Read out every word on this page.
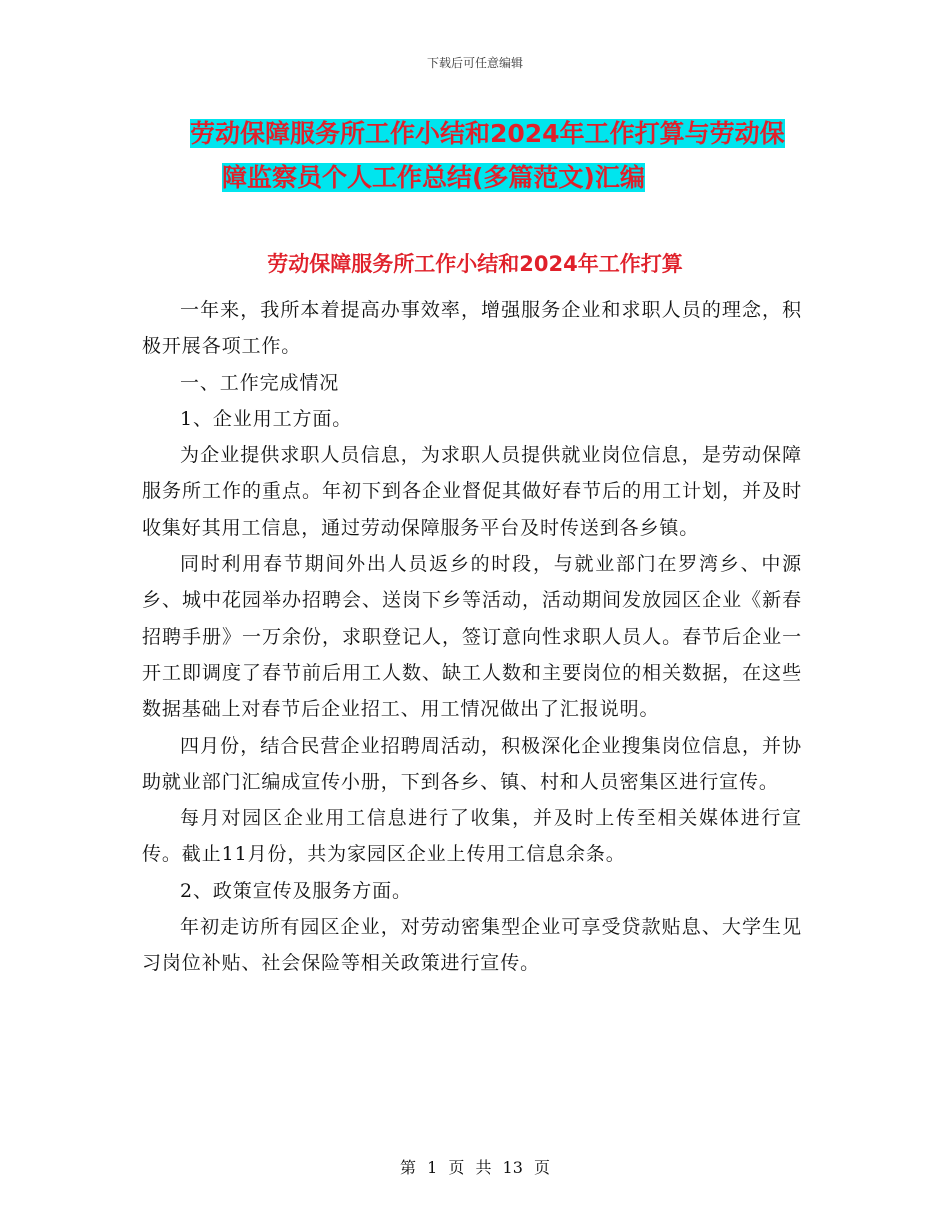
下载后可任意编辑
劳动保障服务所工作小结和2024年工作打算与劳动保
障监察员个人工作总结(多篇范文)汇编
劳动保障服务所工作小结和2024年工作打算

一年来，我所本着提高办事效率，增强服务企业和求职人员的理念，积极开展各项工作。

一、工作完成情况

1、企业用工方面。

为企业提供求职人员信息，为求职人员提供就业岗位信息，是劳动保障服务所工作的重点。年初下到各企业督促其做好春节后的用工计划，并及时收集好其用工信息，通过劳动保障服务平台及时传送到各乡镇。

同时利用春节期间外出人员返乡的时段，与就业部门在罗湾乡、中源乡、城中花园举办招聘会、送岗下乡等活动，活动期间发放园区企业《新春招聘手册》一万余份，求职登记人，签订意向性求职人员人。春节后企业一开工即调度了春节前后用工人数、缺工人数和主要岗位的相关数据，在这些数据基础上对春节后企业招工、用工情况做出了汇报说明。

四月份，结合民营企业招聘周活动，积极深化企业搜集岗位信息，并协助就业部门汇编成宣传小册，下到各乡、镇、村和人员密集区进行宣传。

每月对园区企业用工信息进行了收集，并及时上传至相关媒体进行宣传。截止11月份，共为家园区企业上传用工信息余条。

2、政策宣传及服务方面。

年初走访所有园区企业，对劳动密集型企业可享受贷款贴息、大学生见习岗位补贴、社会保险等相关政策进行宣传。

第 1 页 共 13 页
